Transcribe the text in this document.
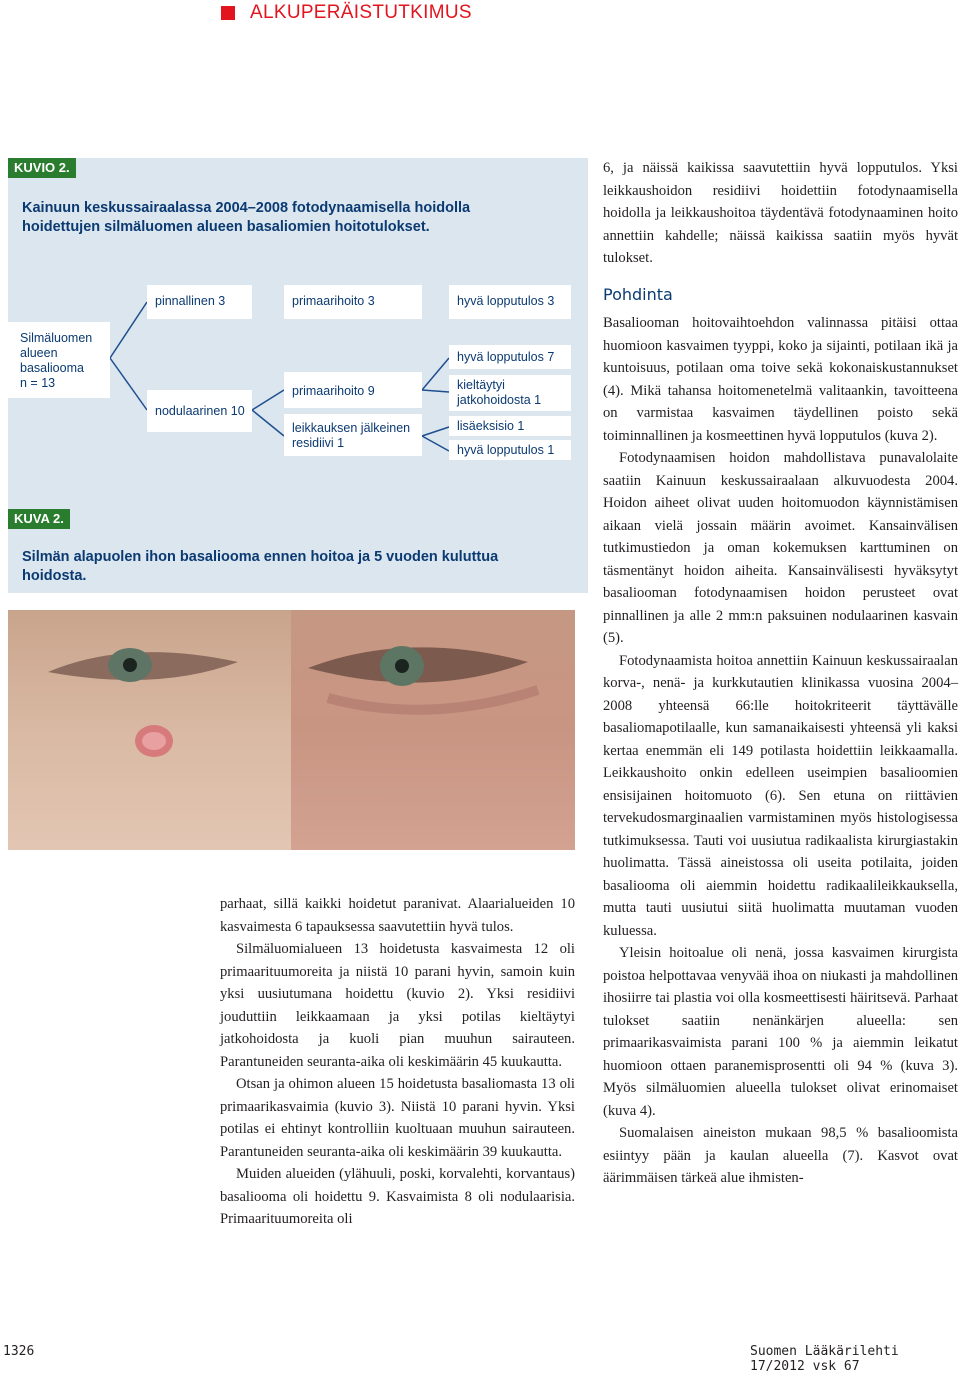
ALKUPERÄISTUTKIMUS
KUVIO 2.
Kainuun keskussairaalassa 2004–2008 fotodynaamisella hoidolla hoidettujen silmäluomen alueen basaliomien hoitotulokset.
Silmäluomen
alueen
basaliooma
n = 13
pinnallinen 3
nodulaarinen 10
primaarihoito 3
primaarihoito 9
leikkauksen jälkeinen
residiivi 1
hyvä lopputulos 3
hyvä lopputulos 7
kieltäytyi
jatkohoidosta 1
lisäeksisio 1
hyvä lopputulos 1
KUVA 2.
Silmän alapuolen ihon basaliooma ennen hoitoa ja 5 vuoden kuluttua hoidosta.

parhaat, sillä kaikki hoidetut paranivat. Alaarialueiden 10 kasvaimesta 6 tapauksessa saavutettiin hyvä tulos.

Silmäluomialueen 13 hoidetusta kasvaimesta 12 oli primaarituumoreita ja niistä 10 parani hyvin, samoin kuin yksi uusiutumana hoidettu (kuvio 2). Yksi residiivi jouduttiin leikkaamaan ja yksi potilas kieltäytyi jatkohoidosta ja kuoli pian muuhun sairauteen. Parantuneiden seuranta-aika oli keskimäärin 45 kuukautta.

Otsan ja ohimon alueen 15 hoidetusta basaliomasta 13 oli primaarikasvaimia (kuvio 3). Niistä 10 parani hyvin. Yksi potilas ei ehtinyt kontrolliin kuoltuaan muuhun sairauteen. Parantuneiden seuranta-aika oli keskimäärin 39 kuukautta.

Muiden alueiden (ylähuuli, poski, korvalehti, korvantaus) basaliooma oli hoidettu 9. Kasvaimista 8 oli nodulaarisia. Primaarituumoreita oli

6, ja näissä kaikissa saavutettiin hyvä lopputulos. Yksi leikkaushoidon residiivi hoidettiin fotodynaamisella hoidolla ja leikkaushoitoa täydentävä fotodynaaminen hoito annettiin kahdelle; näissä kaikissa saatiin myös hyvät tulokset.

Pohdinta

Basaliooman hoitovaihtoehdon valinnassa pitäisi ottaa huomioon kasvaimen tyyppi, koko ja sijainti, potilaan ikä ja kuntoisuus, potilaan oma toive sekä kokonaiskustannukset (4). Mikä tahansa hoitomenetelmä valitaankin, tavoitteena on varmistaa kasvaimen täydellinen poisto sekä toiminnallinen ja kosmeettinen hyvä lopputulos (kuva 2).

Fotodynaamisen hoidon mahdollistava punavalolaite saatiin Kainuun keskussairaalaan alkuvuodesta 2004. Hoidon aiheet olivat uuden hoitomuodon käynnistämisen aikaan vielä jossain määrin avoimet. Kansainvälisen tutkimustiedon ja oman kokemuksen karttuminen on täsmentänyt hoidon aiheita. Kansainvälisesti hyväksytyt basaliooman fotodynaamisen hoidon perusteet ovat pinnallinen ja alle 2 mm:n paksuinen nodulaarinen kasvain (5).

Fotodynaamista hoitoa annettiin Kainuun keskussairaalan korva-, nenä- ja kurkkutautien klinikassa vuosina 2004–2008 yhteensä 66:lle hoitokriteerit täyttävälle basaliomapotilaalle, kun samanaikaisesti yhteensä yli kaksi kertaa enemmän eli 149 potilasta hoidettiin leikkaamalla. Leikkaushoito onkin edelleen useimpien basalioomien ensisijainen hoitomuoto (6). Sen etuna on riittävien tervekudosmarginaalien varmistaminen myös histologisessa tutkimuksessa. Tauti voi uusiutua radikaalista kirurgiastakin huolimatta. Tässä aineistossa oli useita potilaita, joiden basaliooma oli aiemmin hoidettu radikaalileikkauksella, mutta tauti uusiutui siitä huolimatta muutaman vuoden kuluessa.

Yleisin hoitoalue oli nenä, jossa kasvaimen kirurgista poistoa helpottavaa venyvää ihoa on niukasti ja mahdollinen ihosiirre tai plastia voi olla kosmeettisesti häiritsevä. Parhaat tulokset saatiin nenänkärjen alueella: sen primaarikasvaimista parani 100 % ja aiemmin leikatut huomioon ottaen paranemisprosentti oli 94 % (kuva 3). Myös silmäluomien alueella tulokset olivat erinomaiset (kuva 4).

Suomalaisen aineiston mukaan 98,5 % basalioomista esiintyy pään ja kaulan alueella (7). Kasvot ovat äärimmäisen tärkeä alue ihmisten-

1326	Suomen Lääkärilehti 17/2012 vsk 67
